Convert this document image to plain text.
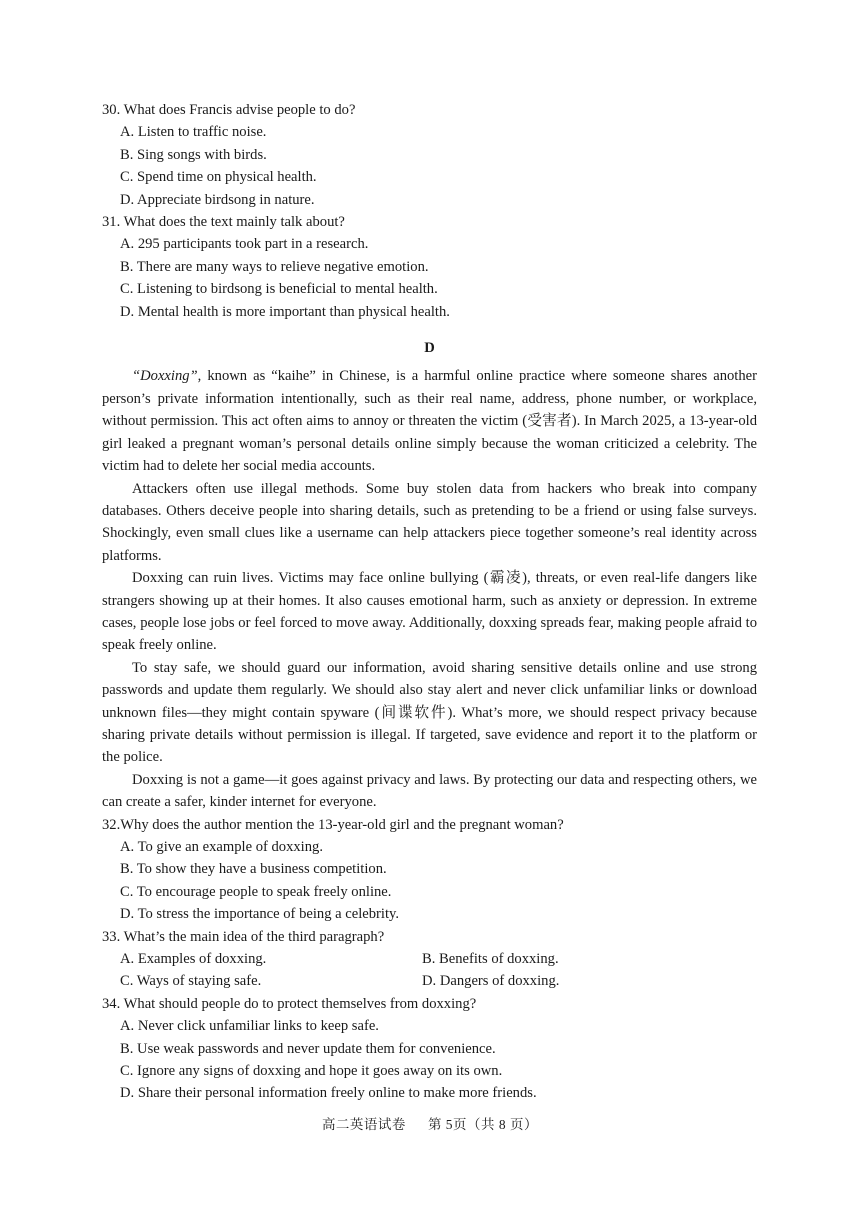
30. What does Francis advise people to do?

A. Listen to traffic noise.

B. Sing songs with birds.

C. Spend time on physical health.

D. Appreciate birdsong in nature.

31. What does the text mainly talk about?

A. 295 participants took part in a research.

B. There are many ways to relieve negative emotion.

C. Listening to birdsong is beneficial to mental health.

D. Mental health is more important than physical health.

D

“Doxxing”, known as “kaihe” in Chinese, is a harmful online practice where someone shares another person’s private information intentionally, such as their real name, address, phone number, or workplace, without permission. This act often aims to annoy or threaten the victim (受害者). In March 2025, a 13-year-old girl leaked a pregnant woman’s personal details online simply because the woman criticized a celebrity. The victim had to delete her social media accounts.

Attackers often use illegal methods. Some buy stolen data from hackers who break into company databases. Others deceive people into sharing details, such as pretending to be a friend or using false surveys. Shockingly, even small clues like a username can help attackers piece together someone’s real identity across platforms.

Doxxing can ruin lives. Victims may face online bullying (霸凌), threats, or even real-life dangers like strangers showing up at their homes. It also causes emotional harm, such as anxiety or depression. In extreme cases, people lose jobs or feel forced to move away. Additionally, doxxing spreads fear, making people afraid to speak freely online.

To stay safe, we should guard our information, avoid sharing sensitive details online and use strong passwords and update them regularly. We should also stay alert and never click unfamiliar links or download unknown files—they might contain spyware (间谍软件). What’s more, we should respect privacy because sharing private details without permission is illegal. If targeted, save evidence and report it to the platform or the police.

Doxxing is not a game—it goes against privacy and laws. By protecting our data and respecting others, we can create a safer, kinder internet for everyone.

32.Why does the author mention the 13-year-old girl and the pregnant woman?

A. To give an example of doxxing.

B. To show they have a business competition.

C. To encourage people to speak freely online.

D. To stress the importance of being a celebrity.

33. What’s the main idea of the third paragraph?

A. Examples of doxxing.	B. Benefits of doxxing.
C. Ways of staying safe.	D. Dangers of doxxing.

34. What should people do to protect themselves from doxxing?

A. Never click unfamiliar links to keep safe.

B. Use weak passwords and never update them for convenience.

C. Ignore any signs of doxxing and hope it goes away on its own.

D. Share their personal information freely online to make more friends.

高二英语试卷 第 5页（共 8 页）
